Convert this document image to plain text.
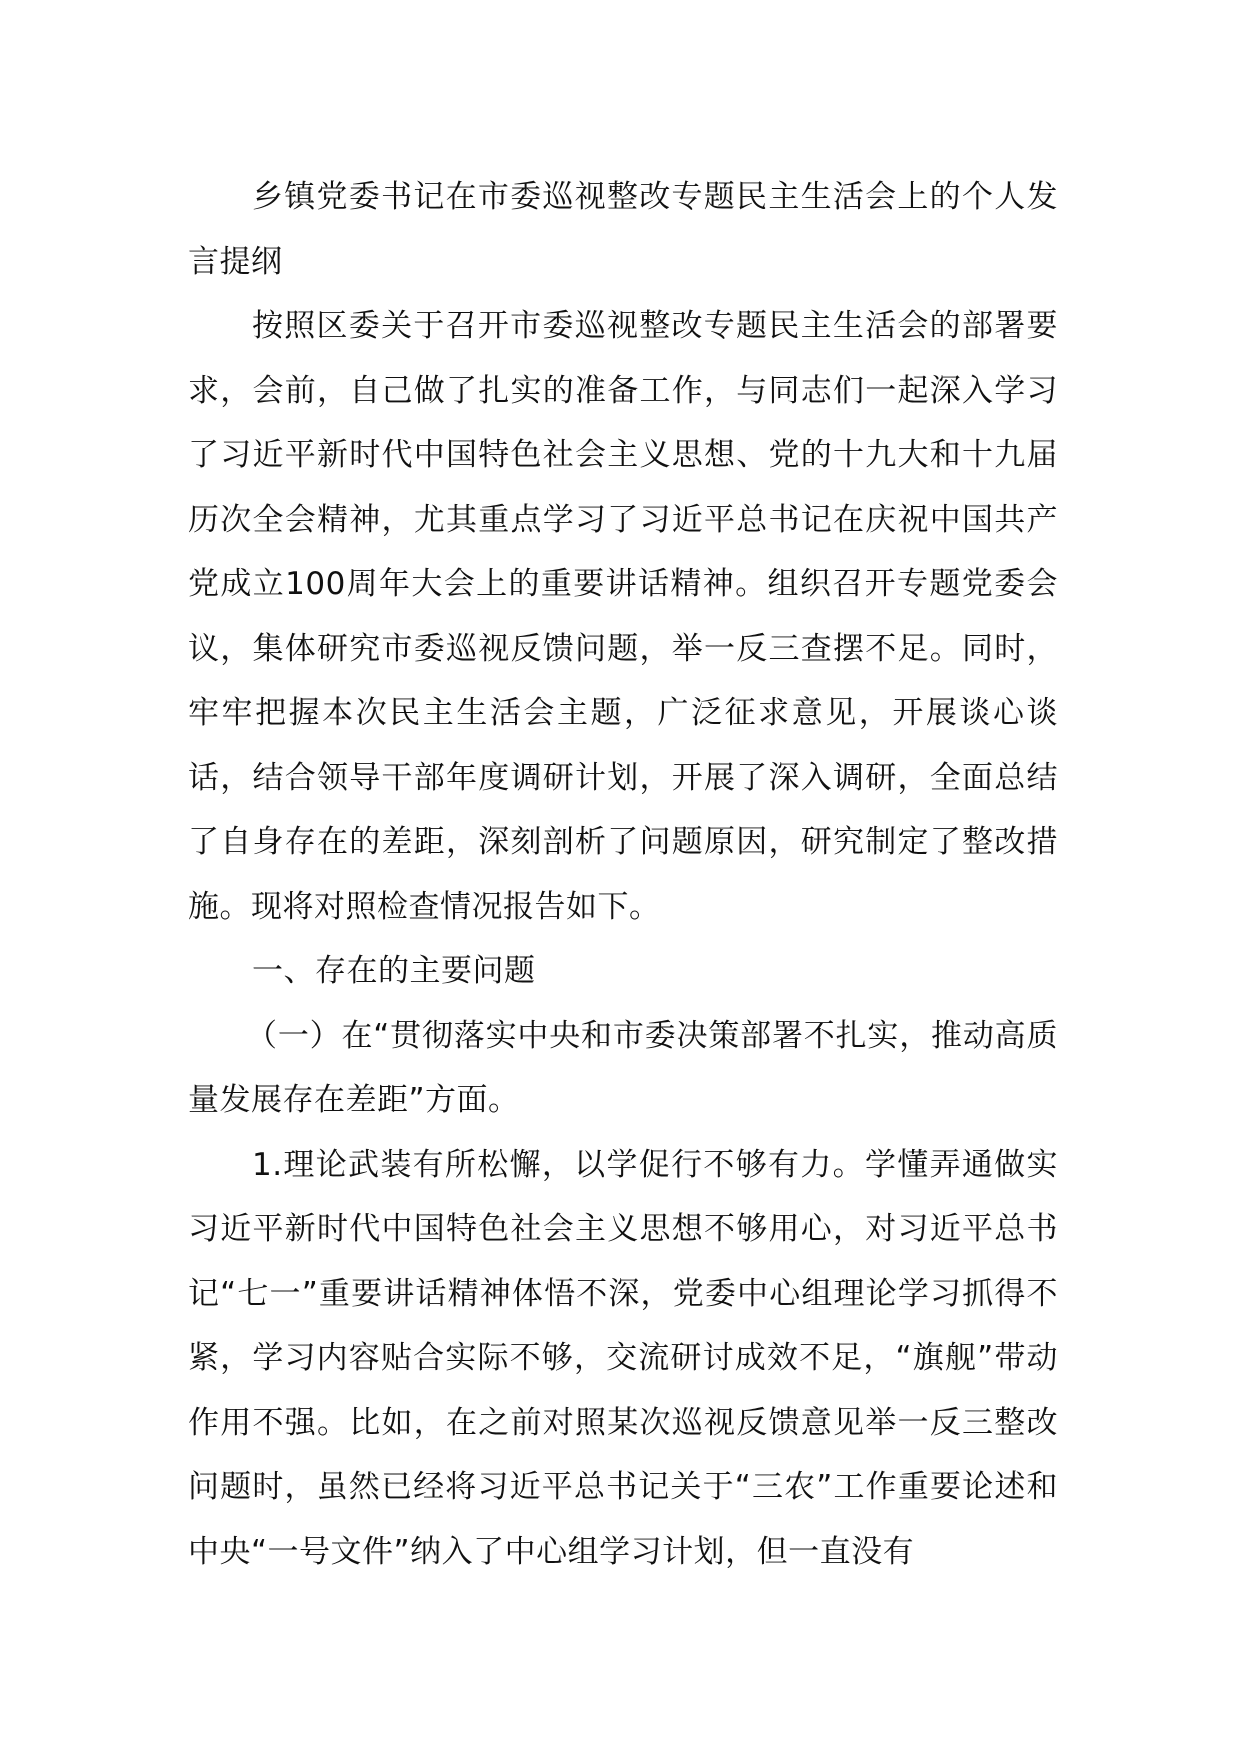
乡镇党委书记在市委巡视整改专题民主生活会上的个人发言提纲

按照区委关于召开市委巡视整改专题民主生活会的部署要求，会前，自己做了扎实的准备工作，与同志们一起深入学习了习近平新时代中国特色社会主义思想、党的十九大和十九届历次全会精神，尤其重点学习了习近平总书记在庆祝中国共产党成立100周年大会上的重要讲话精神。组织召开专题党委会议，集体研究市委巡视反馈问题，举一反三查摆不足。同时，牢牢把握本次民主生活会主题，广泛征求意见，开展谈心谈话，结合领导干部年度调研计划，开展了深入调研，全面总结了自身存在的差距，深刻剖析了问题原因，研究制定了整改措施。现将对照检查情况报告如下。

一、存在的主要问题

（一）在“贯彻落实中央和市委决策部署不扎实，推动高质量发展存在差距”方面。

1.理论武装有所松懈，以学促行不够有力。学懂弄通做实习近平新时代中国特色社会主义思想不够用心，对习近平总书记“七一”重要讲话精神体悟不深，党委中心组理论学习抓得不紧，学习内容贴合实际不够，交流研讨成效不足，“旗舰”带动作用不强。比如，在之前对照某次巡视反馈意见举一反三整改问题时，虽然已经将习近平总书记关于“三农”工作重要论述和中央“一号文件”纳入了中心组学习计划，但一直没有
